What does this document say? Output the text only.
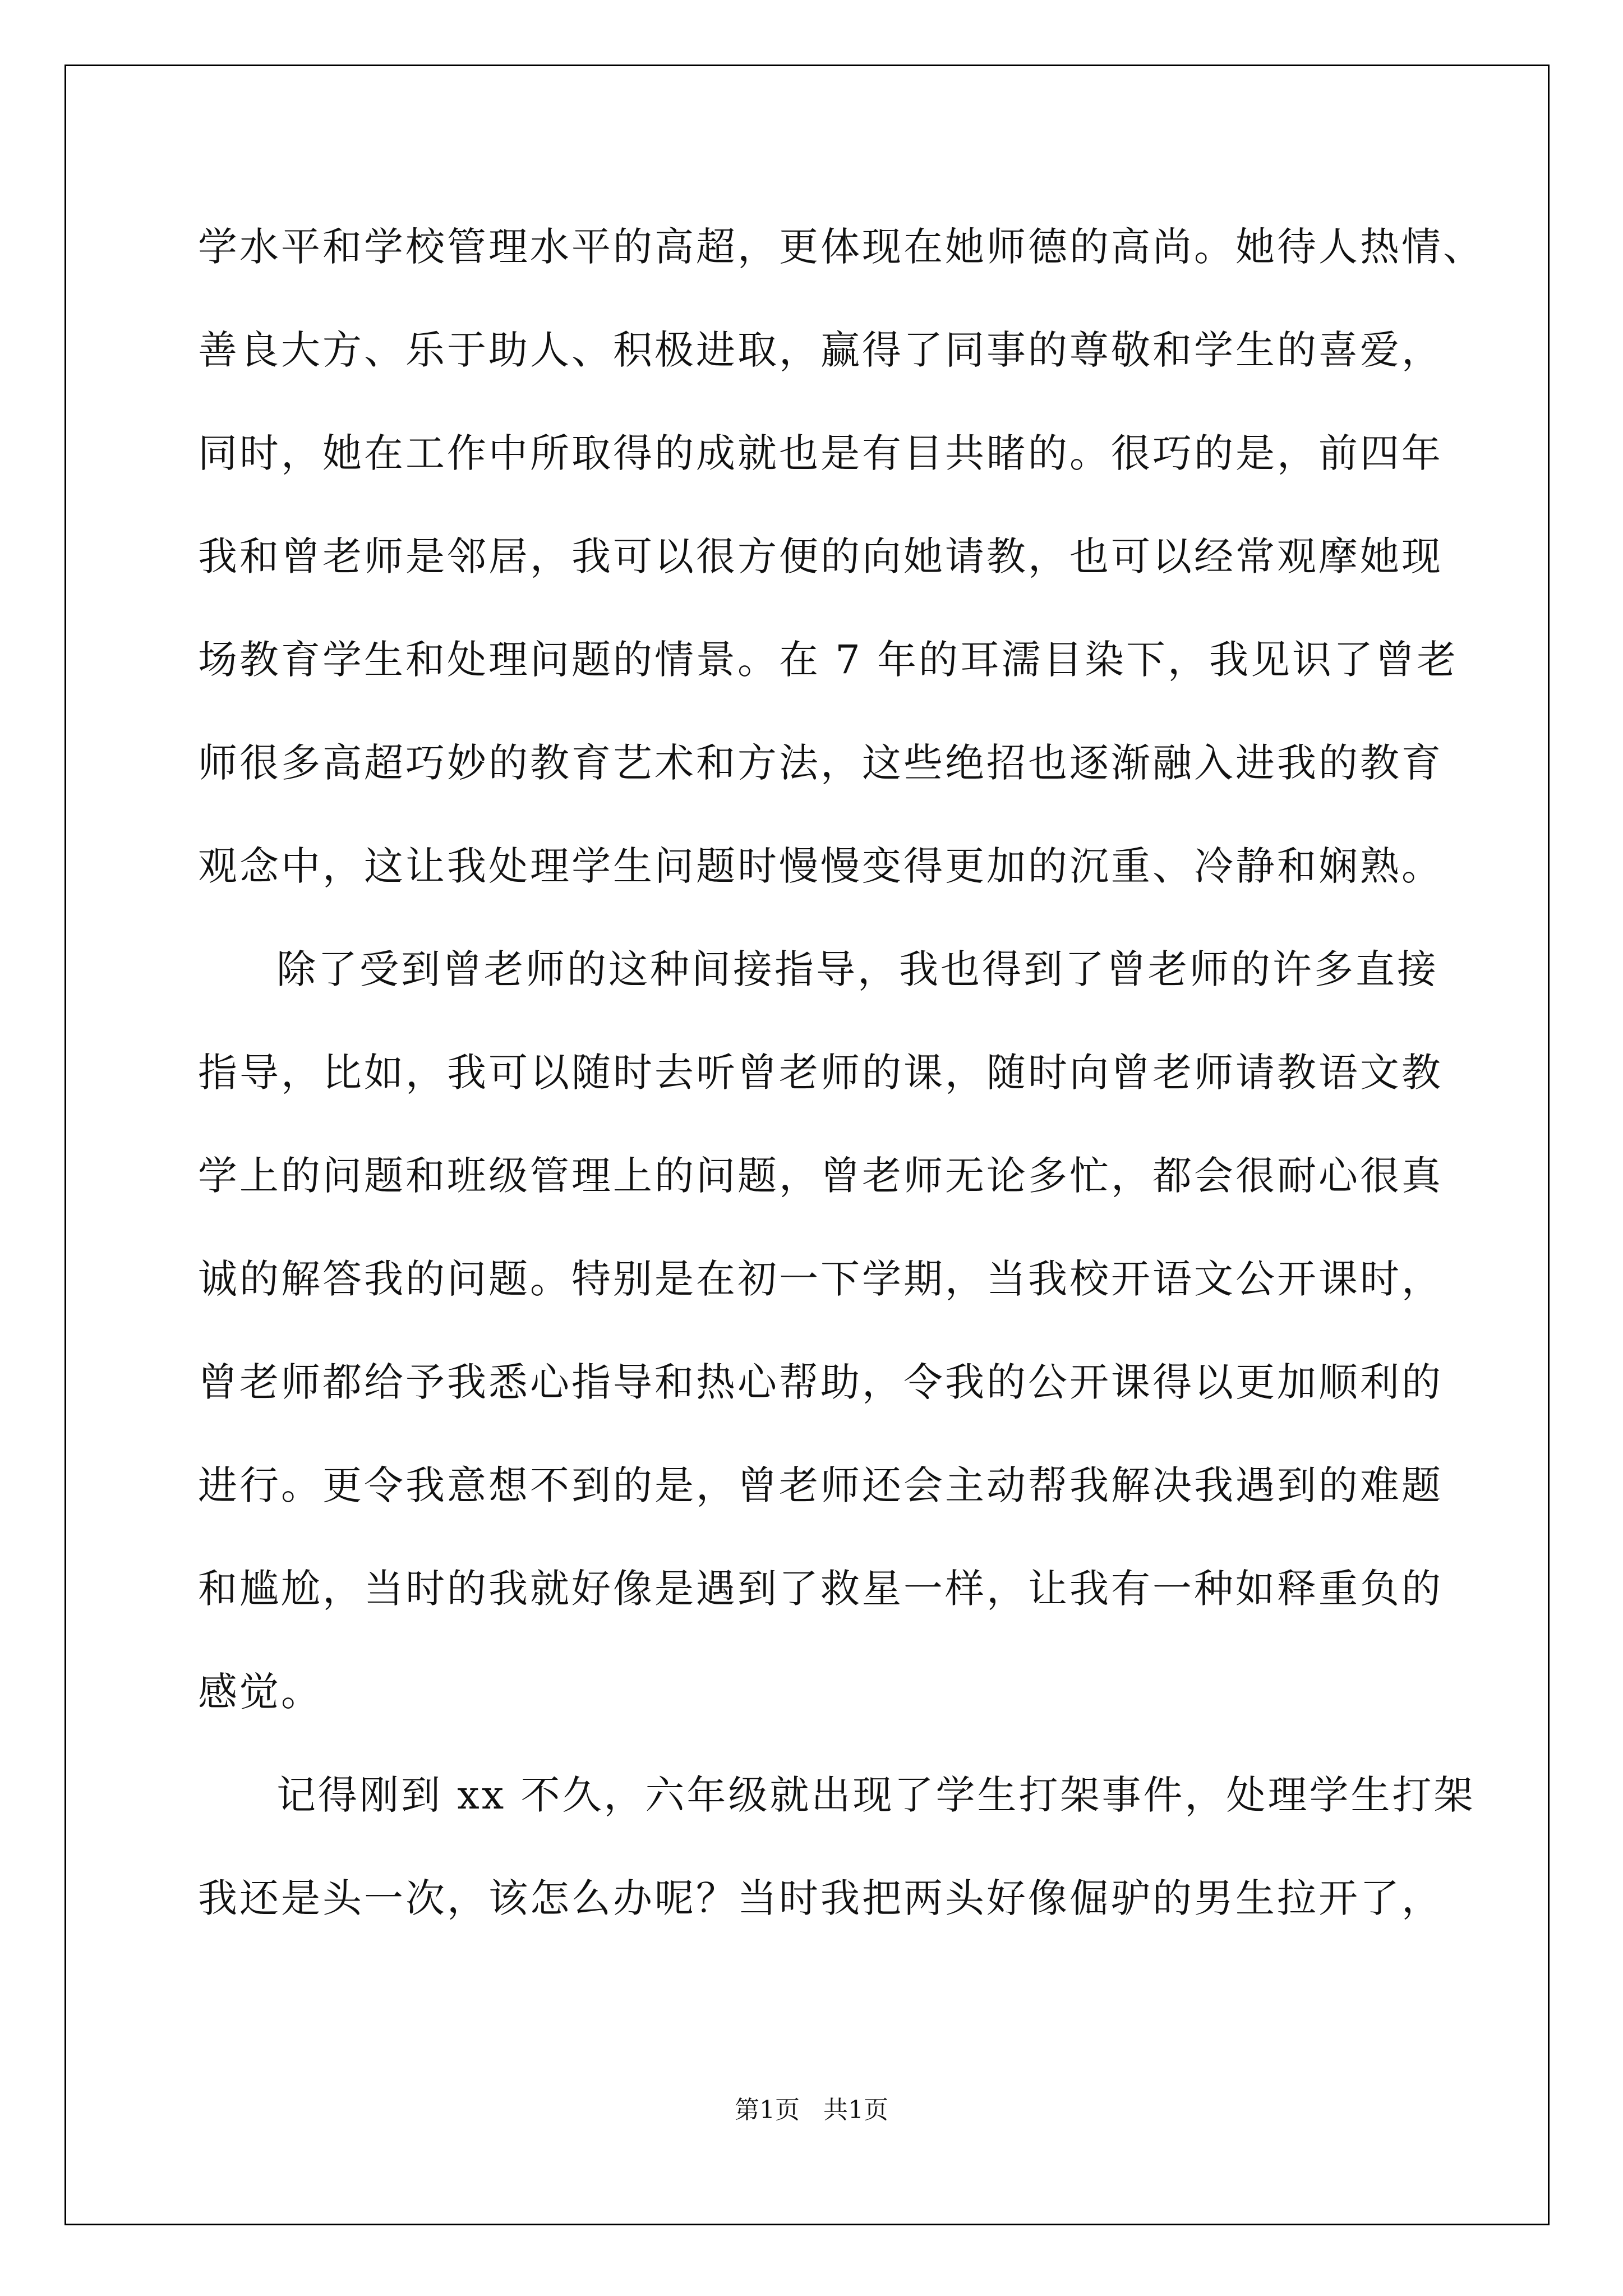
学水平和学校管理水平的高超，更体现在她师德的高尚。她待人热情、

善良大方、乐于助人、积极进取，赢得了同事的尊敬和学生的喜爱，

同时，她在工作中所取得的成就也是有目共睹的。很巧的是，前四年

我和曾老师是邻居，我可以很方便的向她请教，也可以经常观摩她现

场教育学生和处理问题的情景。在 7 年的耳濡目染下，我见识了曾老

师很多高超巧妙的教育艺术和方法，这些绝招也逐渐融入进我的教育

观念中，这让我处理学生问题时慢慢变得更加的沉重、冷静和娴熟。

除了受到曾老师的这种间接指导，我也得到了曾老师的许多直接

指导，比如，我可以随时去听曾老师的课，随时向曾老师请教语文教

学上的问题和班级管理上的问题，曾老师无论多忙，都会很耐心很真

诚的解答我的问题。特别是在初一下学期，当我校开语文公开课时，

曾老师都给予我悉心指导和热心帮助，令我的公开课得以更加顺利的

进行。更令我意想不到的是，曾老师还会主动帮我解决我遇到的难题

和尴尬，当时的我就好像是遇到了救星一样，让我有一种如释重负的

感觉。

记得刚到 xx 不久，六年级就出现了学生打架事件，处理学生打架

我还是头一次，该怎么办呢？当时我把两头好像倔驴的男生拉开了，

第1页   共1页
